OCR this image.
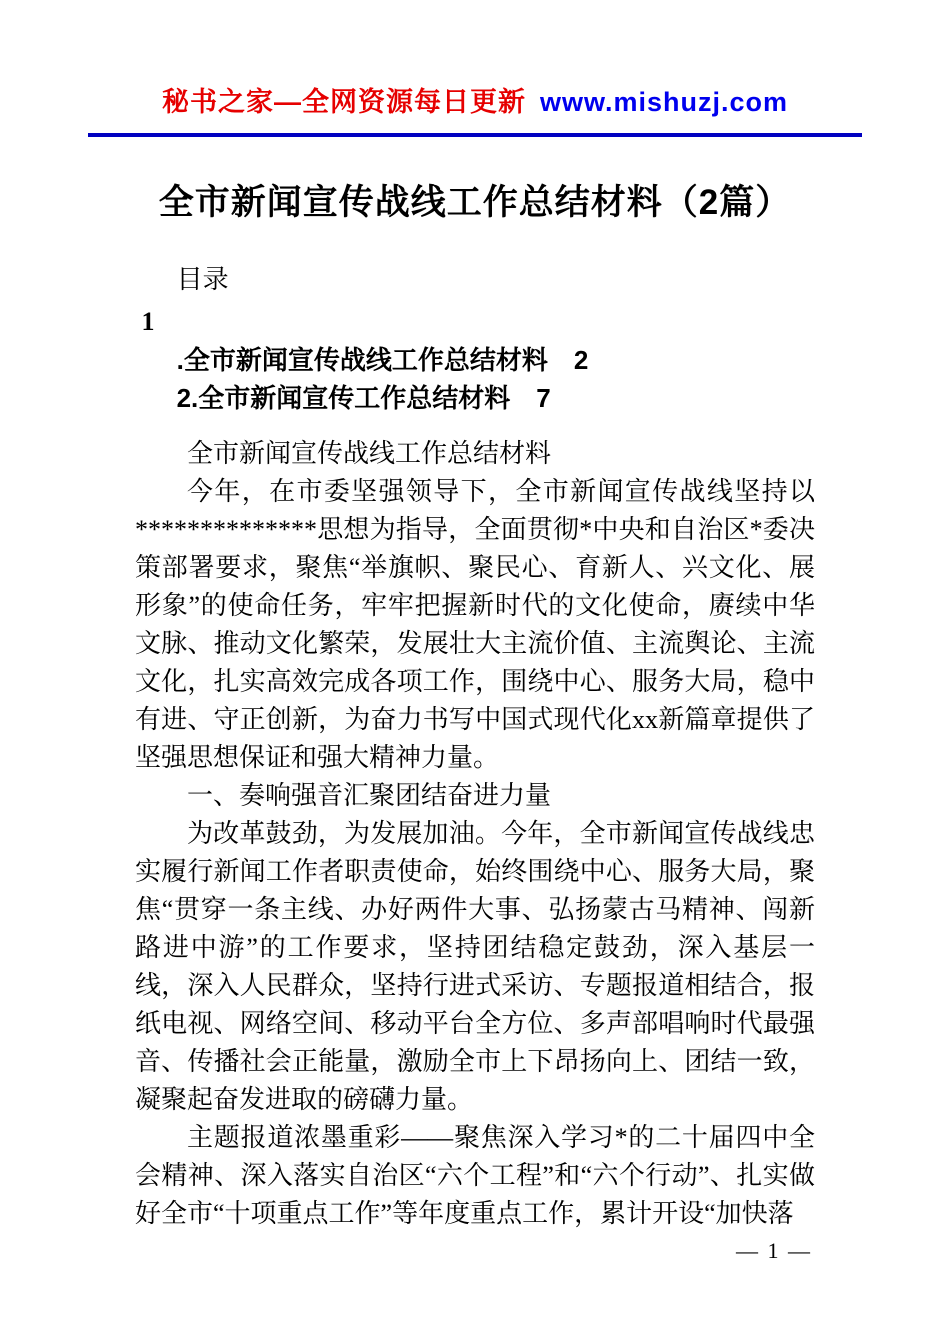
秘书之家—全网资源每日更新 www.mishuzj.com
全市新闻宣传战线工作总结材料（2篇）

目录

1

.全市新闻宣传战线工作总结材料　2

2.全市新闻宣传工作总结材料　7

全市新闻宣传战线工作总结材料

今年，在市委坚强领导下，全市新闻宣传战线坚持以**************思想为指导，全面贯彻*中央和自治区*委决策部署要求，聚焦“举旗帜、聚民心、育新人、兴文化、展形象”的使命任务，牢牢把握新时代的文化使命，赓续中华文脉、推动文化繁荣，发展壮大主流价值、主流舆论、主流文化，扎实高效完成各项工作，围绕中心、服务大局，稳中有进、守正创新，为奋力书写中国式现代化xx新篇章提供了坚强思想保证和强大精神力量。

一、奏响强音汇聚团结奋进力量

为改革鼓劲，为发展加油。今年，全市新闻宣传战线忠实履行新闻工作者职责使命，始终围绕中心、服务大局，聚焦“贯穿一条主线、办好两件大事、弘扬蒙古马精神、闯新路进中游”的工作要求，坚持团结稳定鼓劲，深入基层一线，深入人民群众，坚持行进式采访、专题报道相结合，报纸电视、网络空间、移动平台全方位、多声部唱响时代最强音、传播社会正能量，激励全市上下昂扬向上、团结一致，凝聚起奋发进取的磅礴力量。

主题报道浓墨重彩——聚焦深入学习*的二十届四中全会精神、深入落实自治区“六个工程”和“六个行动”、扎实做好全市“十项重点工作”等年度重点工作，累计开设“加快落

— 1 —
